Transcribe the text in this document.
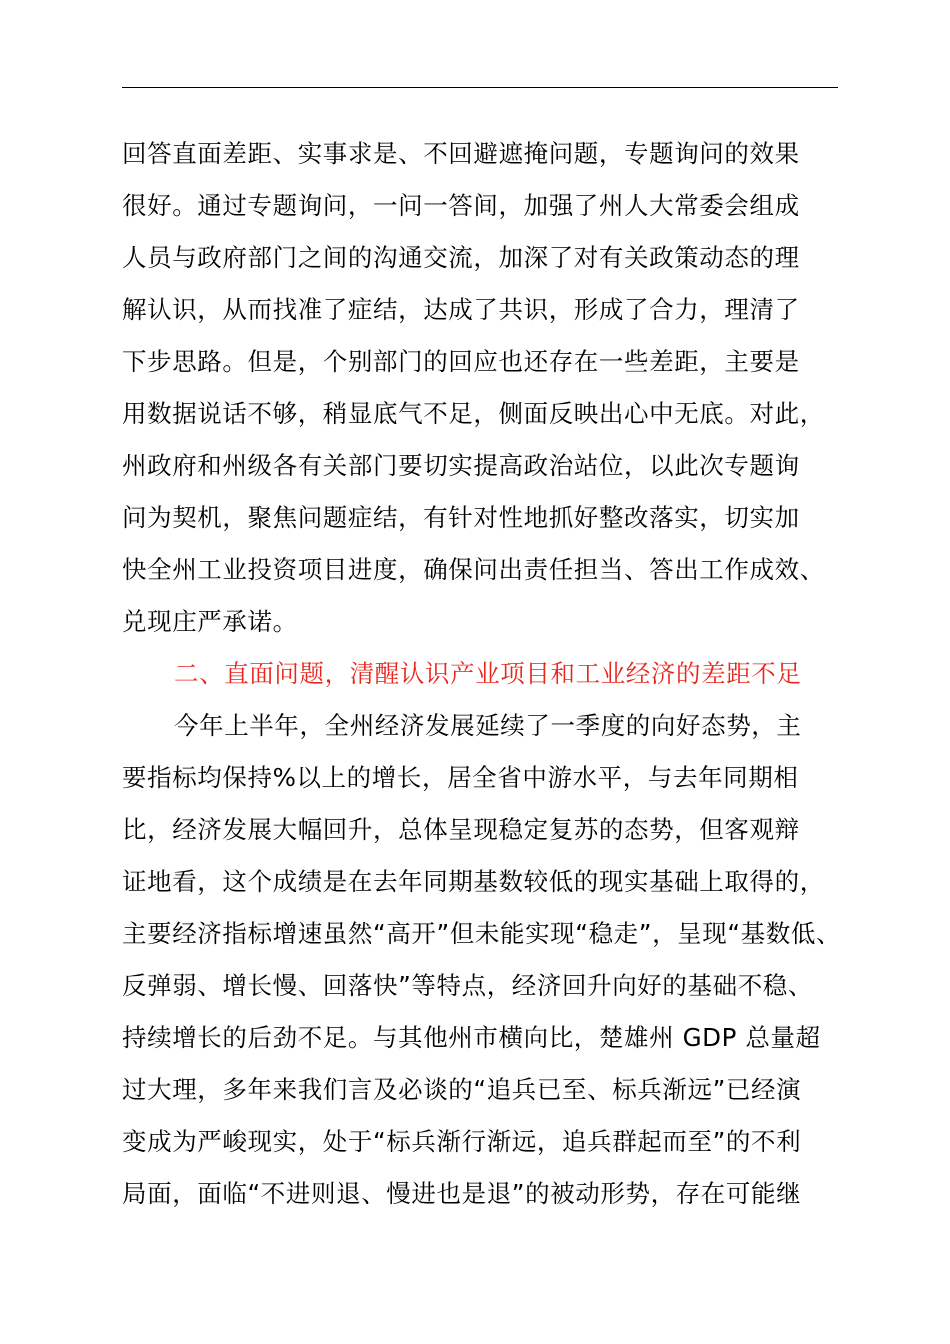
回答直面差距、实事求是、不回避遮掩问题，专题询问的效果
很好。通过专题询问，一问一答间，加强了州人大常委会组成
人员与政府部门之间的沟通交流，加深了对有关政策动态的理
解认识，从而找准了症结，达成了共识，形成了合力，理清了
下步思路。但是，个别部门的回应也还存在一些差距，主要是
用数据说话不够，稍显底气不足，侧面反映出心中无底。对此，
州政府和州级各有关部门要切实提高政治站位，以此次专题询
问为契机，聚焦问题症结，有针对性地抓好整改落实，切实加
快全州工业投资项目进度，确保问出责任担当、答出工作成效、
兑现庄严承诺。
二、直面问题，清醒认识产业项目和工业经济的差距不足
今年上半年，全州经济发展延续了一季度的向好态势，主
要指标均保持%以上的增长，居全省中游水平，与去年同期相
比，经济发展大幅回升，总体呈现稳定复苏的态势，但客观辩
证地看，这个成绩是在去年同期基数较低的现实基础上取得的，
主要经济指标增速虽然“高开”但未能实现“稳走”，呈现“基数低、
反弹弱、增长慢、回落快”等特点，经济回升向好的基础不稳、
持续增长的后劲不足。与其他州市横向比，楚雄州 GDP 总量超
过大理，多年来我们言及必谈的“追兵已至、标兵渐远”已经演
变成为严峻现实，处于“标兵渐行渐远，追兵群起而至”的不利
局面，面临“不进则退、慢进也是退”的被动形势，存在可能继
